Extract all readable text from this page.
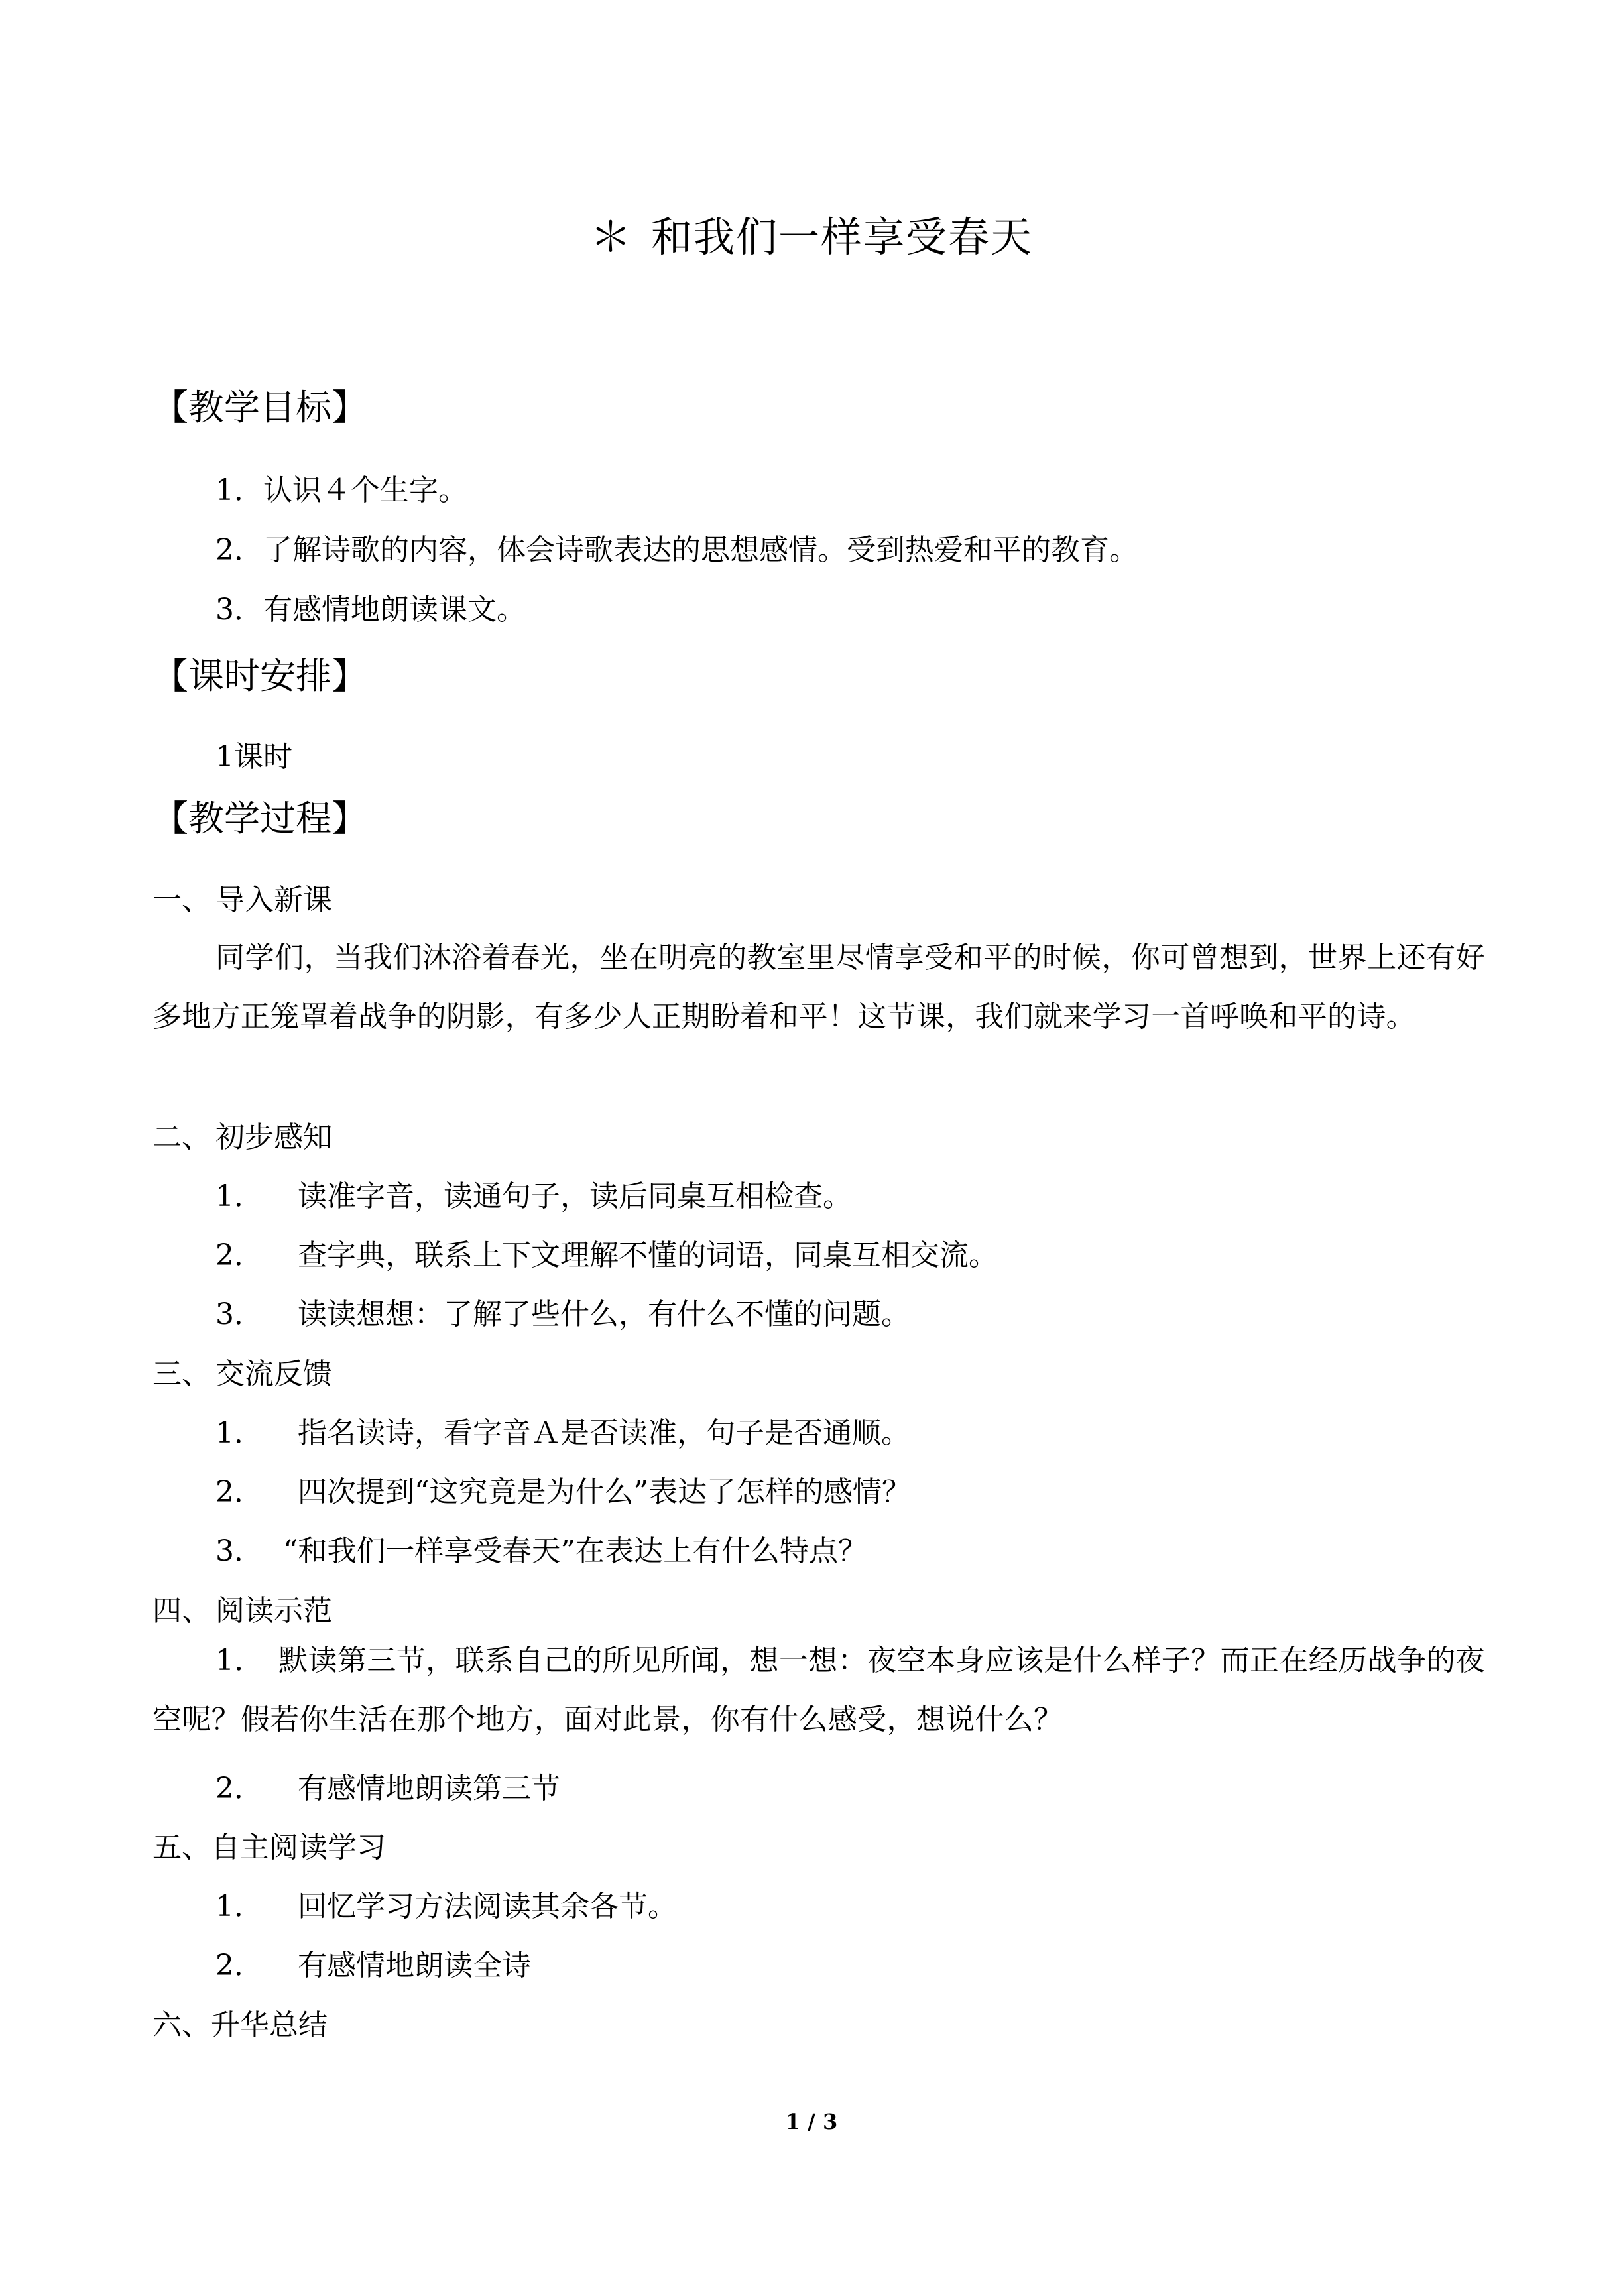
＊ 和我们一样享受春天
【教学目标】
1．认识４个生字。
2．了解诗歌的内容，体会诗歌表达的思想感情。受到热爱和平的教育。
3．有感情地朗读课文。
【课时安排】
1课时
【教学过程】
一、 导入新课
同学们，当我们沐浴着春光，坐在明亮的教室里尽情享受和平的时候，你可曾想到，世界上还有好多地方正笼罩着战争的阴影，有多少人正期盼着和平！这节课，我们就来学习一首呼唤和平的诗。
二、 初步感知
1． 读准字音，读通句子，读后同桌互相检查。
2． 查字典，联系上下文理解不懂的词语，同桌互相交流。
3． 读读想想：了解了些什么，有什么不懂的问题。
三、 交流反馈
1． 指名读诗，看字音Ａ是否读准，句子是否通顺。
2． 四次提到“这究竟是为什么”表达了怎样的感情？
3． “和我们一样享受春天”在表达上有什么特点？
四、 阅读示范
1．　默读第三节，联系自己的所见所闻，想一想：夜空本身应该是什么样子？而正在经历战争的夜空呢？假若你生活在那个地方，面对此景，你有什么感受，想说什么？
2． 有感情地朗读第三节
五、自主阅读学习
1． 回忆学习方法阅读其余各节。
2． 有感情地朗读全诗
六、升华总结
1 / 3
